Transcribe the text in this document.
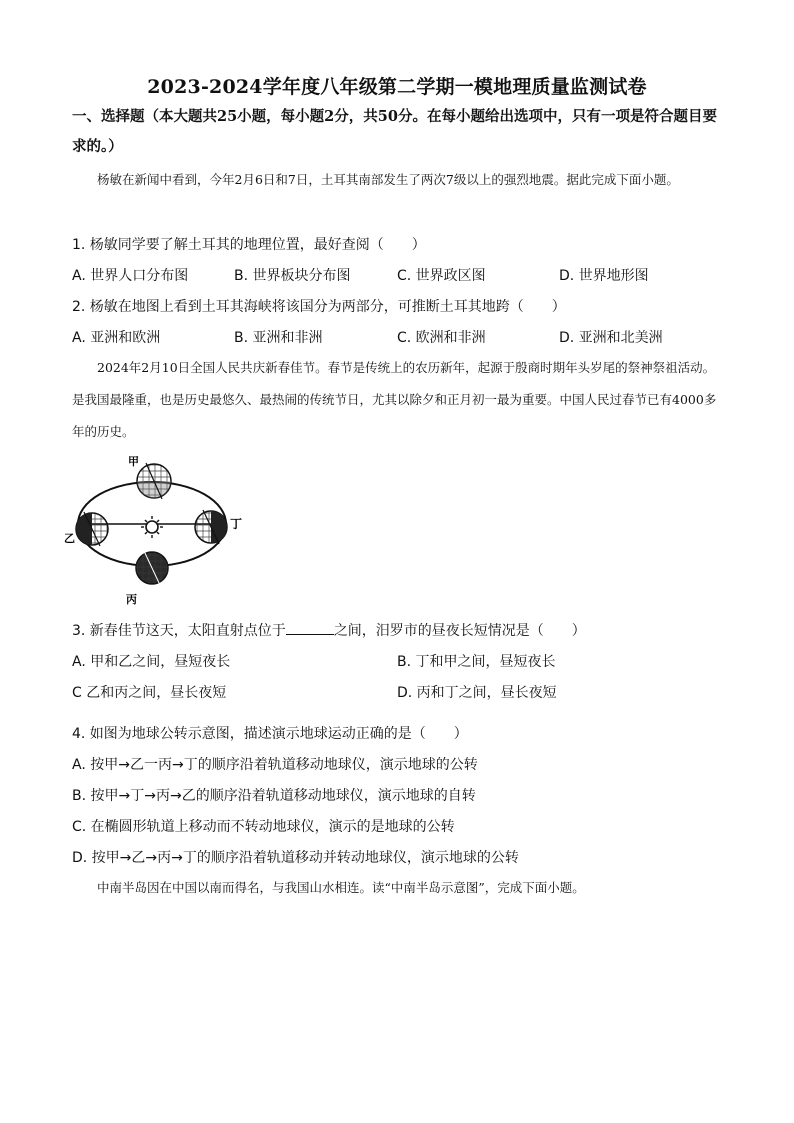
2023-2024学年度八年级第二学期一模地理质量监测试卷
一、选择题（本大题共25小题，每小题2分，共50分。在每小题给出选项中，只有一项是符合题目要求的。）
杨敏在新闻中看到，今年2月6日和7日，土耳其南部发生了两次7级以上的强烈地震。据此完成下面小题。
1. 杨敏同学要了解土耳其的地理位置，最好查阅（　　）
A. 世界人口分布图	B. 世界板块分布图	C. 世界政区图	D. 世界地形图
2. 杨敏在地图上看到土耳其海峡将该国分为两部分，可推断土耳其地跨（　　）
A. 亚洲和欧洲	B. 亚洲和非洲	C. 欧洲和非洲	D. 亚洲和北美洲
2024年2月10日全国人民共庆新春佳节。春节是传统上的农历新年，起源于殷商时期年头岁尾的祭神祭祖活动。是我国最隆重，也是历史最悠久、最热闹的传统节日，尤其以除夕和正月初一最为重要。中国人民过春节已有4000多年的历史。
甲
乙
丁
丙
3. 新春佳节这天，太阳直射点位于	之间，汨罗市的昼夜长短情况是（　　）
A. 甲和乙之间，昼短夜长	B. 丁和甲之间，昼短夜长
C 乙和丙之间，昼长夜短	D. 丙和丁之间，昼长夜短
4. 如图为地球公转示意图，描述演示地球运动正确的是（　　）
A. 按甲→乙一丙→丁的顺序沿着轨道移动地球仪，演示地球的公转
B. 按甲→丁→丙→乙的顺序沿着轨道移动地球仪，演示地球的自转
C. 在椭圆形轨道上移动而不转动地球仪，演示的是地球的公转
D. 按甲→乙→丙→丁的顺序沿着轨道移动并转动地球仪，演示地球的公转
中南半岛因在中国以南而得名，与我国山水相连。读“中南半岛示意图”，完成下面小题。
